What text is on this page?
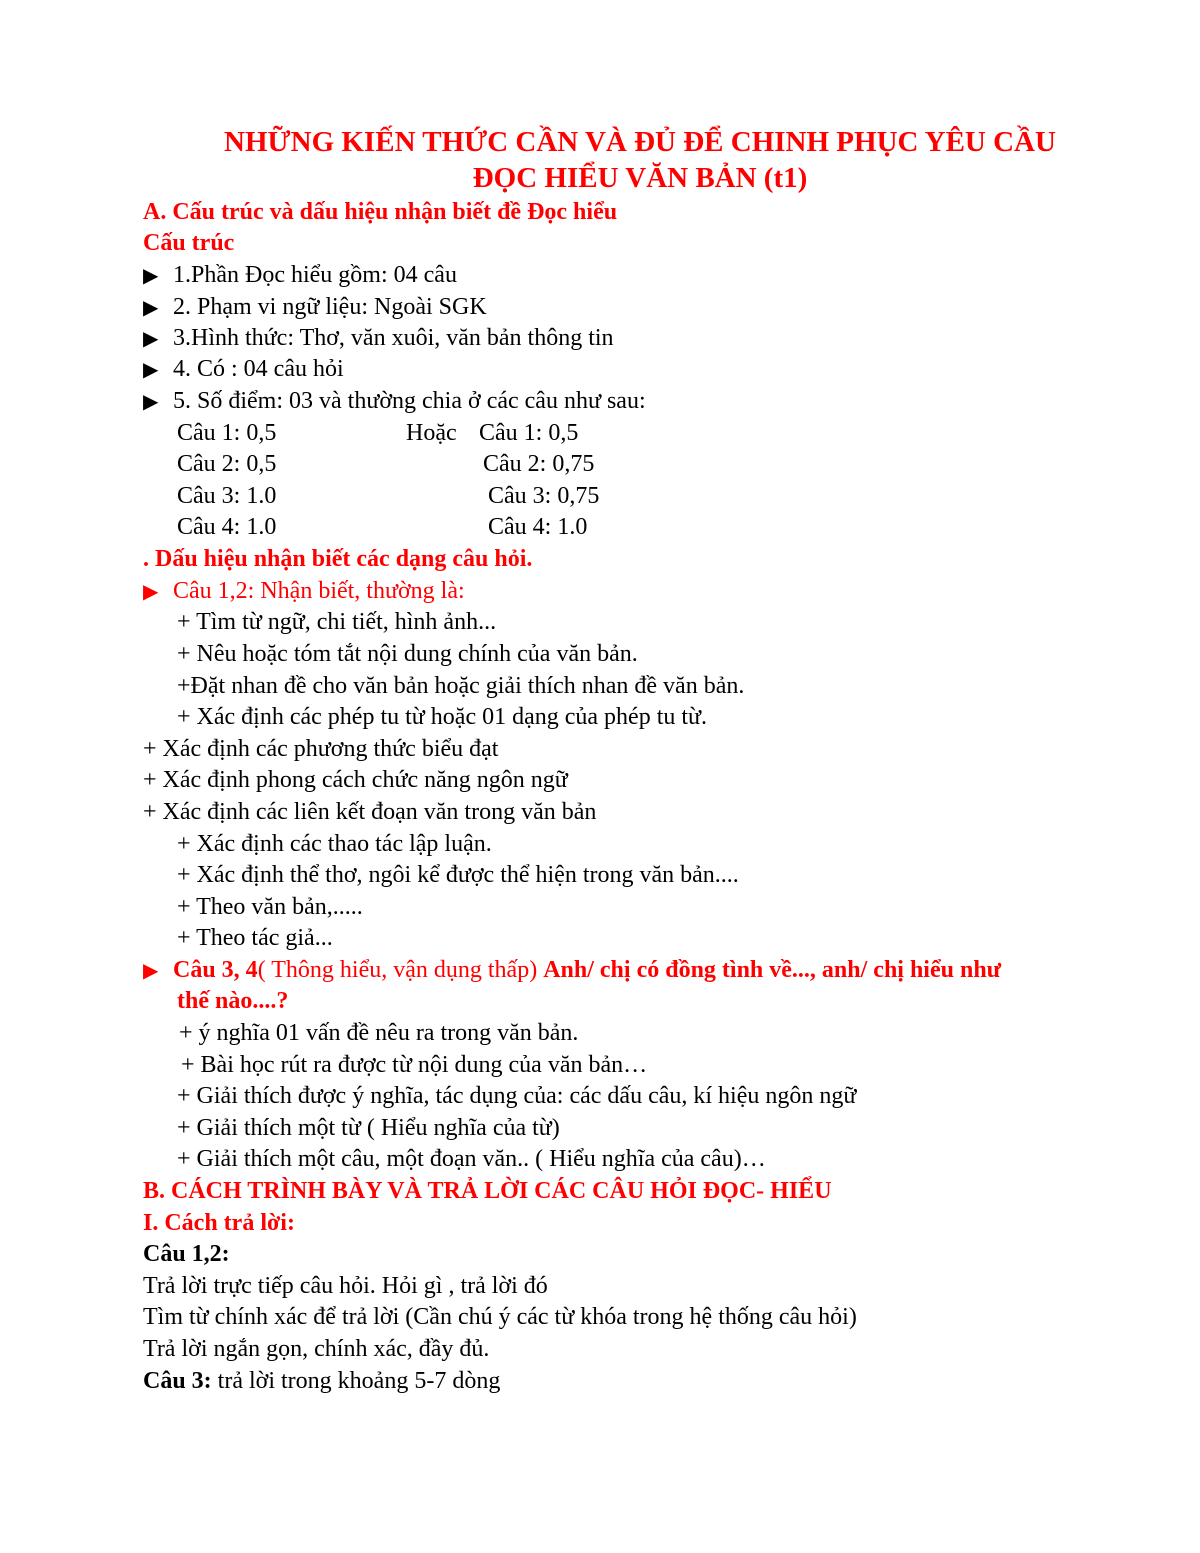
NHỮNG KIẾN THỨC CẦN VÀ ĐỦ ĐỂ CHINH PHỤC YÊU CẦU
ĐỌC HIỂU VĂN BẢN (t1)
A. Cấu trúc và dấu hiệu nhận biết đề Đọc hiểu
Cấu trúc
▶ 1.Phần Đọc hiểu gồm: 04 câu
▶ 2. Phạm vi ngữ liệu: Ngoài SGK
▶ 3.Hình thức: Thơ, văn xuôi, văn bản thông tin
▶ 4. Có : 04 câu hỏi
▶ 5. Số điểm: 03 và thường chia ở các câu như sau:
Câu 1: 0,5	Hoặc Câu 1: 0,5
Câu 2: 0,5	Câu 2: 0,75
Câu 3: 1.0	Câu 3: 0,75
Câu 4: 1.0	Câu 4: 1.0
. Dấu hiệu nhận biết các dạng câu hỏi.
▶ Câu 1,2: Nhận biết, thường là:
+ Tìm từ ngữ, chi tiết, hình ảnh...
+ Nêu hoặc tóm tắt nội dung chính của văn bản.
+Đặt nhan đề cho văn bản hoặc giải thích nhan đề văn bản.
+ Xác định các phép tu từ hoặc 01 dạng của phép tu từ.
+ Xác định các phương thức biểu đạt
+ Xác định phong cách chức năng ngôn ngữ
+ Xác định các liên kết đoạn văn trong văn bản
+ Xác định các thao tác lập luận.
+ Xác định thể thơ, ngôi kể được thể hiện trong văn bản....
+ Theo văn bản,.....
+ Theo tác giả...
▶ Câu 3, 4( Thông hiểu, vận dụng thấp) Anh/ chị có đồng tình về..., anh/ chị hiểu như
thế nào....?
+ ý nghĩa 01 vấn đề nêu ra trong văn bản.
+ Bài học rút ra được từ nội dung của văn bản…
+ Giải thích được ý nghĩa, tác dụng của: các dấu câu, kí hiệu ngôn ngữ
+ Giải thích một từ ( Hiểu nghĩa của từ)
+ Giải thích một câu, một đoạn văn.. ( Hiểu nghĩa của câu)…
B. CÁCH TRÌNH BÀY VÀ TRẢ LỜI CÁC CÂU HỎI ĐỌC- HIỂU
I. Cách trả lời:
Câu 1,2:
Trả lời trực tiếp câu hỏi. Hỏi gì , trả lời đó
Tìm từ chính xác để trả lời (Cần chú ý các từ khóa trong hệ thống câu hỏi)
Trả lời ngắn gọn, chính xác, đầy đủ.
Câu 3: trả lời trong khoảng 5-7 dòng
